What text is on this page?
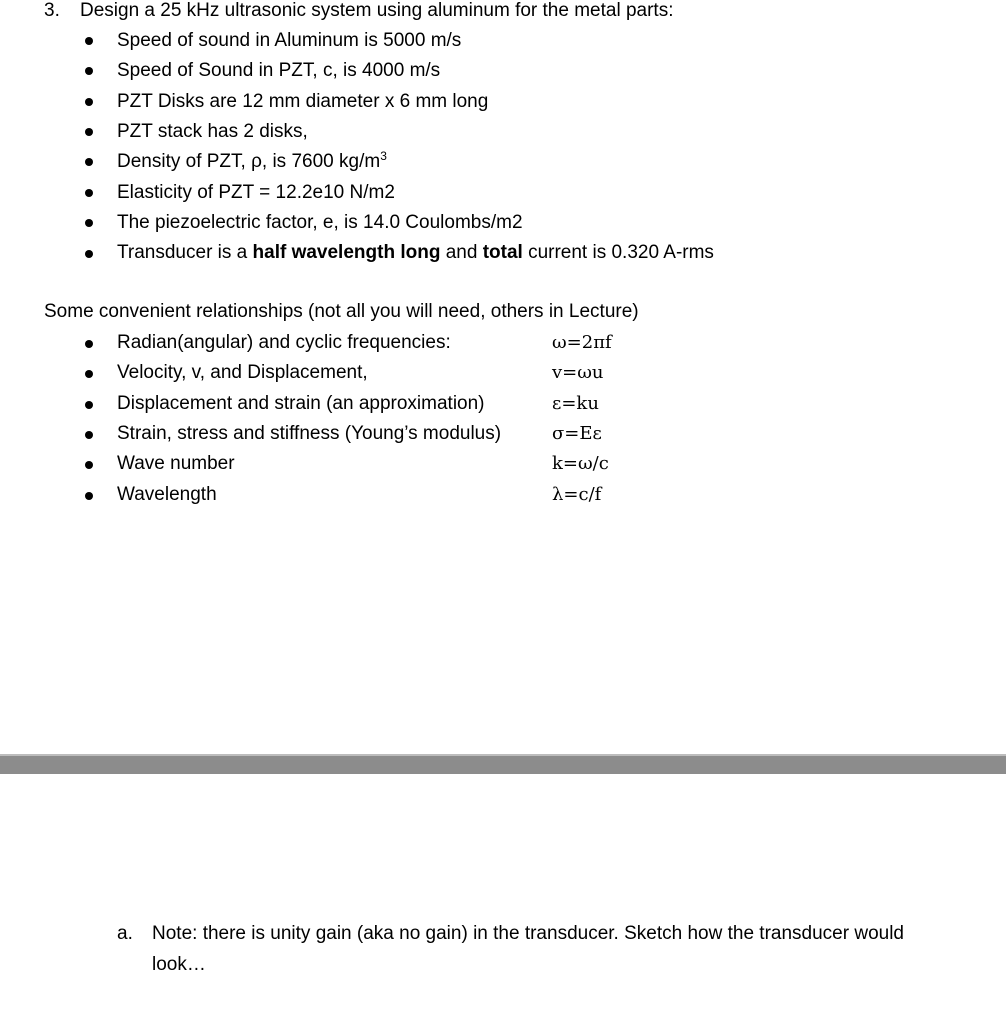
3. Design a 25 kHz ultrasonic system using aluminum for the metal parts:
Speed of sound in Aluminum is 5000 m/s
Speed of Sound in PZT, c, is 4000 m/s
PZT Disks are 12 mm diameter x 6 mm long
PZT stack has 2 disks,
Density of PZT, ρ, is 7600 $kg/m^3$
Elasticity of PZT = 12.2e10 N/m2
The piezoelectric factor, e, is 14.0 Coulombs/m2
Transducer is a half wavelength long and total current is 0.320 A-rms
Some convenient relationships (not all you will need, others in Lecture)
Radian(angular) and cyclic frequencies:	ω=2πf
Velocity, v, and Displacement,	v=ωu
Displacement and strain (an approximation)	ε=ku
Strain, stress and stiffness (Young’s modulus)	σ=Eε
Wave number	k=ω/c
Wavelength	λ=c/f
a. Note: there is unity gain (aka no gain) in the transducer. Sketch how the transducer would
look…
